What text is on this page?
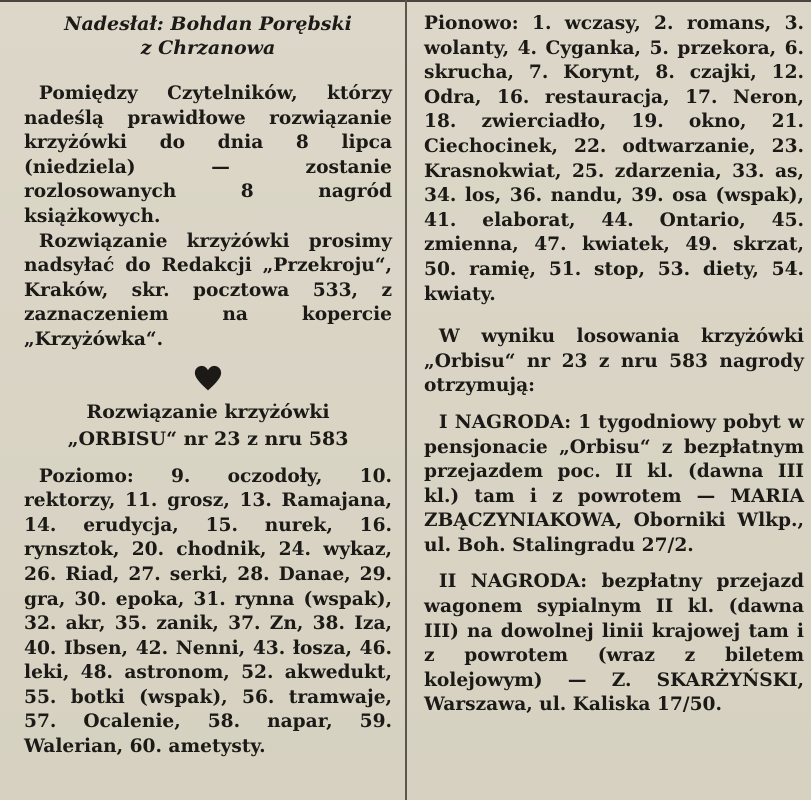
Nadesłał: Bohdan Porębski
z Chrzanowa

Pomiędzy Czytelników, którzy nadeślą prawidłowe rozwiązanie krzyżówki do dnia 8 lipca (niedziela) — zostanie rozlosowanych 8 nagród książkowych.

Rozwiązanie krzyżówki prosimy nadsyłać do Redakcji „Przekroju“, Kraków, skr. pocztowa 533, z zaznaczeniem na kopercie „Krzyżówka“.

Rozwiązanie krzyżówki

„ORBISU“ nr 23 z nru 583

Poziomo: 9. oczodoły, 10. rektorzy, 11. grosz, 13. Ramajana, 14. erudycja, 15. nurek, 16. rynsztok, 20. chodnik, 24. wykaz, 26. Riad, 27. serki, 28. Danae, 29. gra, 30. epoka, 31. rynna (wspak), 32. akr, 35. zanik, 37. Zn, 38. Iza, 40. Ibsen, 42. Nenni, 43. łosza, 46. leki, 48. astronom, 52. akwedukt, 55. botki (wspak), 56. tramwaje, 57. Ocalenie, 58. napar, 59. Walerian, 60. ametysty.

Pionowo: 1. wczasy, 2. romans, 3. wolanty, 4. Cyganka, 5. przekora, 6. skrucha, 7. Korynt, 8. czajki, 12. Odra, 16. restauracja, 17. Neron, 18. zwierciadło, 19. okno, 21. Ciechocinek, 22. odtwarzanie, 23. Krasnokwiat, 25. zdarzenia, 33. as, 34. los, 36. nandu, 39. osa (wspak), 41. elaborat, 44. Ontario, 45. zmienna, 47. kwiatek, 49. skrzat, 50. ramię, 51. stop, 53. diety, 54. kwiaty.

W wyniku losowania krzyżówki „Orbisu“ nr 23 z nru 583 nagrody otrzymują:

I NAGRODA: 1 tygodniowy pobyt w pensjonacie „Orbisu“ z bezpłatnym przejazdem poc. II kl. (dawna III kl.) tam i z powrotem — MARIA ZBĄCZYNIAKOWA, Oborniki Wlkp., ul. Boh. Stalingradu 27/2.

II NAGRODA: bezpłatny przejazd wagonem sypialnym II kl. (dawna III) na dowolnej linii krajowej tam i z powrotem (wraz z biletem kolejowym) — Z. SKARŻYŃSKI, Warszawa, ul. Kaliska 17/50.
